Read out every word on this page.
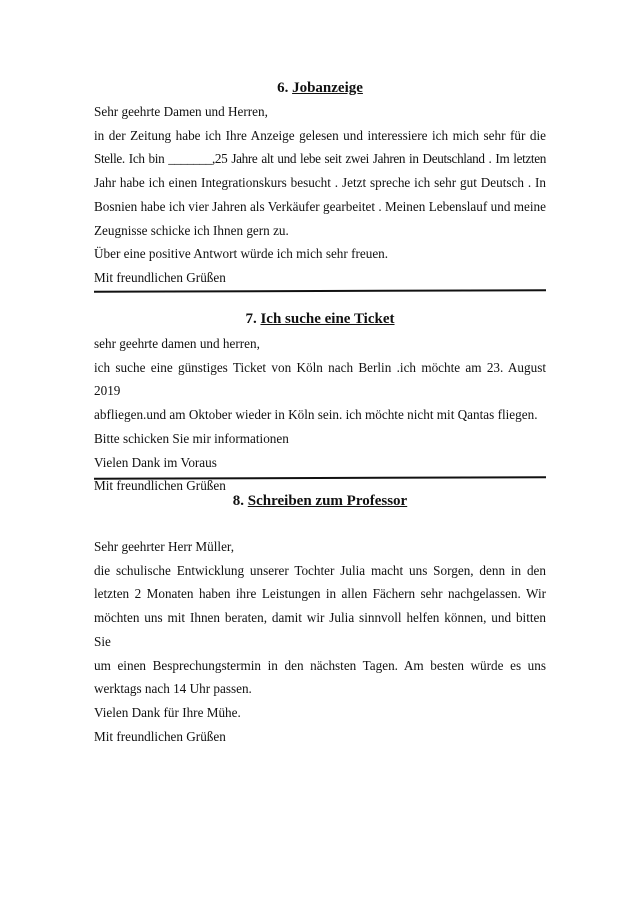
6. Jobanzeige

Sehr geehrte Damen und Herren,

in der Zeitung habe ich Ihre Anzeige gelesen und interessiere ich mich sehr für die

Stelle. Ich bin _______,25 Jahre alt und lebe seit zwei Jahren in Deutschland . Im letzten

Jahr habe ich einen Integrationskurs besucht . Jetzt spreche ich sehr gut Deutsch . In

Bosnien habe ich vier Jahren als Verkäufer gearbeitet . Meinen Lebenslauf und meine

Zeugnisse schicke ich Ihnen gern zu.

Über eine positive Antwort würde ich mich sehr freuen.

Mit freundlichen Grüßen

7. Ich suche eine Ticket

sehr geehrte damen und herren,

ich suche eine günstiges Ticket von Köln nach Berlin .ich möchte am 23. August 2019

abfliegen.und am Oktober wieder in Köln sein. ich möchte nicht mit Qantas fliegen.

Bitte schicken Sie mir informationen

Vielen Dank im Voraus

Mit freundlichen Grüßen

8. Schreiben zum Professor

Sehr geehrter Herr Müller,

die schulische Entwicklung unserer Tochter Julia macht uns Sorgen, denn in den

letzten 2 Monaten haben ihre Leistungen in allen Fächern sehr nachgelassen. Wir

möchten uns mit Ihnen beraten, damit wir Julia sinnvoll helfen können, und bitten Sie

um einen Besprechungstermin in den nächsten Tagen. Am besten würde es uns

werktags nach 14 Uhr passen.

Vielen Dank für Ihre Mühe.

Mit freundlichen Grüßen
